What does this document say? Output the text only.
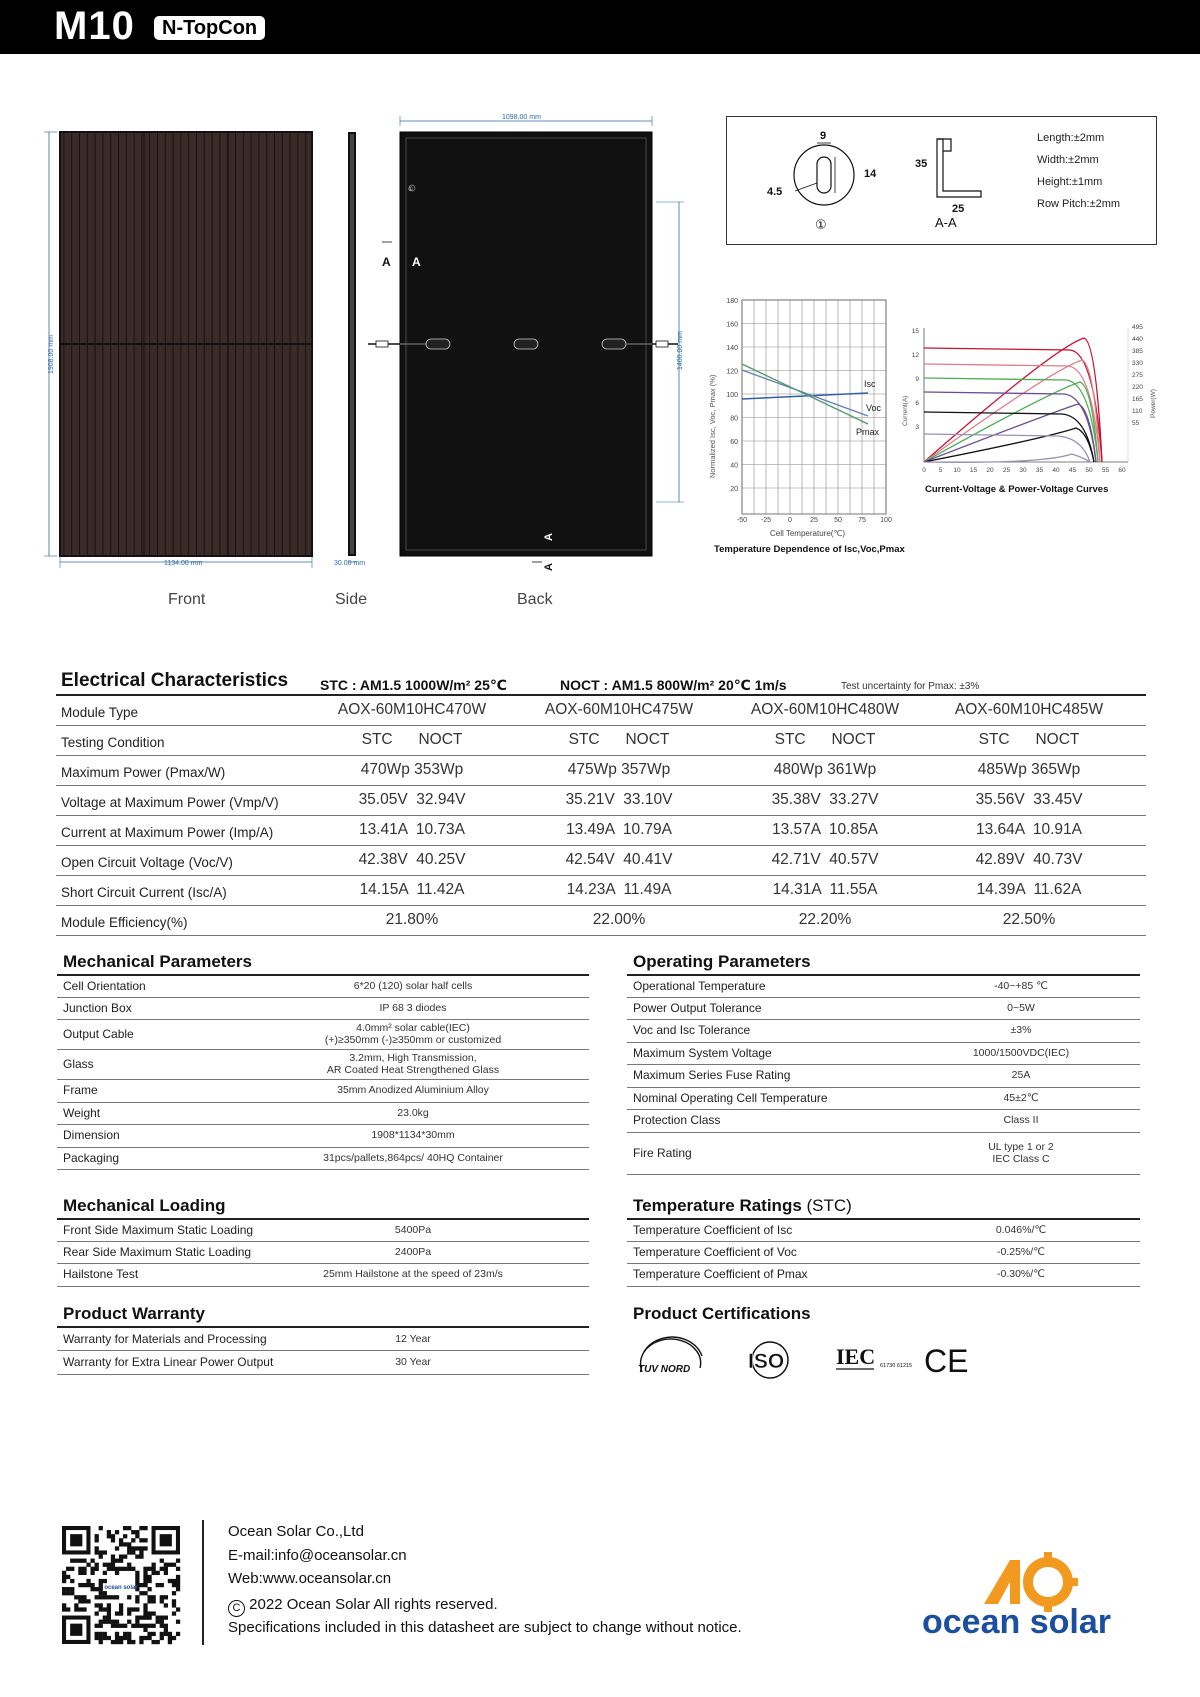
M10	N-TopCon
1908.00 mm
1134.00 mm
Front
30.00 mm
Side
1098.00 mm
①
A A
1400.00 mm
A
A
Back
9
14
4.5
①
35
25
A-A
Length:±2mm
Width:±2mm
Height:±1mm
Row Pitch:±2mm
180
160
140
120
100
80
60
40
20
-50 -25 0	25 50 75 100
Isc
Voc
Pmax
Normalized Isc, Voc, Pmax (%)
Cell Temperature(℃)
Temperature Dependence of Isc,Voc,Pmax
15
12
9
6
3
495
440
385
330
275
220
165
110
55
0 5 10 15 20 25 30 35 40 45 50 55 60
Current(A)	Power(W)
Current-Voltage & Power-Voltage Curves
Electrical Characteristics STC : AM1.5 1000W/m² 25℃	NOCT : AM1.5 800W/m² 20℃ 1m/s	Test uncertainty for Pmax: ±3%
Module Type	AOX-60M10HC470W	AOX-60M10HC475W	AOX-60M10HC480W	AOX-60M10HC485W
Testing Condition	STC      NOCT	STC      NOCT	STC      NOCT	STC      NOCT
Maximum Power (Pmax/W)	470Wp 353Wp	475Wp 357Wp	480Wp 361Wp	485Wp 365Wp
Voltage at Maximum Power (Vmp/V)	35.05V  32.94V	35.21V  33.10V	35.38V  33.27V	35.56V  33.45V
Current at Maximum Power (Imp/A)	13.41A  10.73A	13.49A  10.79A	13.57A  10.85A	13.64A  10.91A
Open Circuit Voltage (Voc/V)	42.38V  40.25V	42.54V  40.41V	42.71V  40.57V	42.89V  40.73V
Short Circuit Current (Isc/A)	14.15A  11.42A	14.23A  11.49A	14.31A  11.55A	14.39A  11.62A
Module Efficiency(%)	21.80%	22.00%	22.20%	22.50%
Mechanical Parameters
Cell Orientation	6*20 (120) solar half cells
Junction Box	IP 68 3 diodes
Output Cable	4.0mm² solar cable(IEC)
(+)≥350mm (-)≥350mm or customized
Glass	3.2mm, High Transmission,
AR Coated Heat Strengthened Glass
Frame	35mm Anodized Aluminium Alloy
Weight	23.0kg
Dimension	1908*1134*30mm
Packaging	31pcs/pallets,864pcs/ 40HQ Container
Operating Parameters
Operational Temperature	-40~+85 ℃
Power Output Tolerance	0~5W
Voc and Isc Tolerance	±3%
Maximum System Voltage	1000/1500VDC(IEC)
Maximum Series Fuse Rating	25A
Nominal Operating Cell Temperature	45±2℃
Protection Class	Class II
Fire Rating	UL type 1 or 2
IEC Class C
Mechanical Loading
Front Side Maximum Static Loading	5400Pa
Rear Side Maximum Static Loading	2400Pa
Hailstone Test	25mm Hailstone at the speed of 23m/s
Temperature Ratings (STC)
Temperature Coefficient of Isc	0.046%/℃
Temperature Coefficient of Voc	-0.25%/℃
Temperature Coefficient of Pmax	-0.30%/℃
Product Warranty
Warranty for Materials and Processing	12 Year
Warranty for Extra Linear Power Output	30 Year
Product Certifications
TUV NORD	ISO IEC 61730 61215 CE
ocean solar
Ocean Solar Co.,Ltd
E-mail:info@oceansolar.cn
Web:www.oceansolar.cn
C 2022 Ocean Solar All rights reserved.
Specifications included in this datasheet are subject to change without notice.	ocean solar
